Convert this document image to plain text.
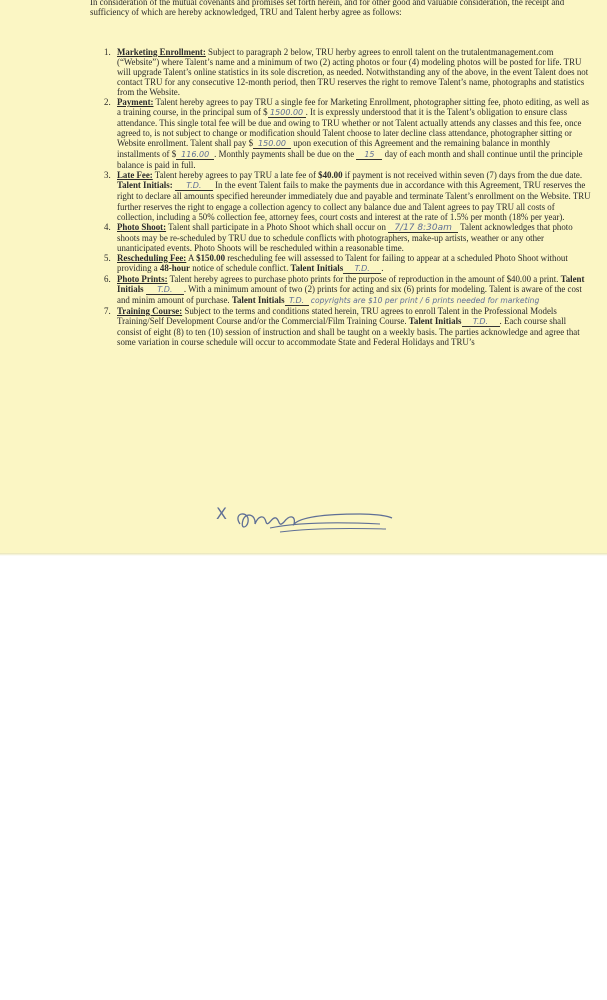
In consideration of the mutual covenants and promises set forth herein, and for other good and valuable consideration, the receipt and sufficiency of which are hereby acknowledged, TRU and Talent herby agree as follows:
1. Marketing Enrollment: Subject to paragraph 2 below, TRU herby agrees to enroll talent on the trutalentmanagement.com (“Website”) where Talent’s name and a minimum of two (2) acting photos or four (4) modeling photos will be posted for life. TRU will upgrade Talent’s online statistics in its sole discretion, as needed. Notwithstanding any of the above, in the event Talent does not contact TRU for any consecutive 12-month period, then TRU reserves the right to remove Talent’s name, photographs and statistics from the Website.
2. Payment: Talent hereby agrees to pay TRU a single fee for Marketing Enrollment, photographer sitting fee, photo editing, as well as a training course, in the principal sum of $ 1500.00 . It is expressly understood that it is the Talent’s obligation to ensure class attendance. This single total fee will be due and owing to TRU whether or not Talent actually attends any classes and this fee, once agreed to, is not subject to change or modification should Talent choose to later decline class attendance, photographer sitting or Website enrollment. Talent shall pay $ 150.00 upon execution of this Agreement and the remaining balance in monthly installments of $ 116.00 . Monthly payments shall be due on the 15 day of each month and shall continue until the principle balance is paid in full.
3. Late Fee: Talent hereby agrees to pay TRU a late fee of $40.00 if payment is not received within seven (7) days from the due date. Talent Initials: T.D. In the event Talent fails to make the payments due in accordance with this Agreement, TRU reserves the right to declare all amounts specified hereunder immediately due and payable and terminate Talent’s enrollment on the Website. TRU further reserves the right to engage a collection agency to collect any balance due and Talent agrees to pay TRU all costs of collection, including a 50% collection fee, attorney fees, court costs and interest at the rate of 1.5% per month (18% per year).
4. Photo Shoot: Talent shall participate in a Photo Shoot which shall occur on 7/17 8:30am Talent acknowledges that photo shoots may be re-scheduled by TRU due to schedule conflicts with photographers, make-up artists, weather or any other unanticipated events. Photo Shoots will be rescheduled within a reasonable time.
5. Rescheduling Fee: A $150.00 rescheduling fee will assessed to Talent for failing to appear at a scheduled Photo Shoot without providing a 48-hour notice of schedule conflict. Talent Initials T.D. .
6. Photo Prints: Talent hereby agrees to purchase photo prints for the purpose of reproduction in the amount of $40.00 a print. Talent Initials T.D. . With a minimum amount of two (2) prints for acting and six (6) prints for modeling. Talent is aware of the cost and minim amount of purchase. Talent Initials T.D. copyrights are $10 per print / 6 prints needed for marketing
7. Training Course: Subject to the terms and conditions stated herein, TRU agrees to enroll Talent in the Professional Models Training/Self Development Course and/or the Commercial/Film Training Course. Talent Initials T.D. . Each course shall consist of eight (8) to ten (10) session of instruction and shall be taught on a weekly basis. The parties acknowledge and agree that some variation in course schedule will occur to accommodate State and Federal Holidays and TRU’s
X
